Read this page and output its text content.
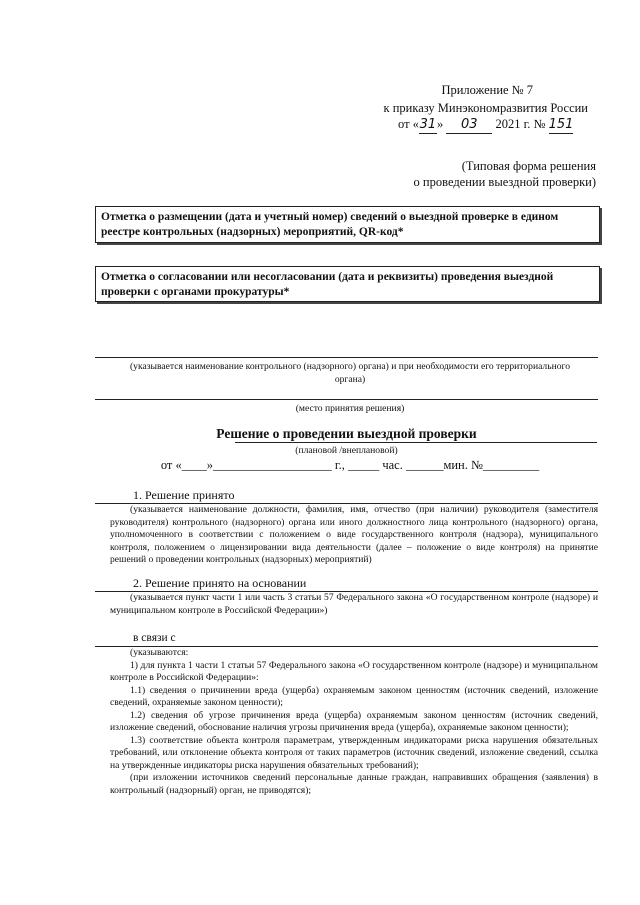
Приложение № 7
к приказу Минэкономразвития России
от «31» 03 2021 г. № 151
(Типовая форма решения
о проведении выездной проверки)
Отметка о размещении (дата и учетный номер) сведений о выездной проверке в едином реестре контрольных (надзорных) мероприятий, QR-код*
Отметка о согласовании или несогласовании (дата и реквизиты) проведения выездной проверки с органами прокуратуры*
(указывается наименование контрольного (надзорного) органа) и при необходимости его территориального органа)
(место принятия решения)
Решение о проведении выездной проверки
(плановой /внеплановой)
от «____»___________________ г., _____ час. ______мин. №_________
1. Решение принято
(указывается наименование должности, фамилия, имя, отчество (при наличии) руководителя (заместителя руководителя) контрольного (надзорного) органа или иного должностного лица контрольного (надзорного) органа, уполномоченного в соответствии с положением о виде государственного контроля (надзора), муниципального контроля, положением о лицензировании вида деятельности (далее – положение о виде контроля) на принятие решений о проведении контрольных (надзорных) мероприятий)
2. Решение принято на основании
(указывается пункт части 1 или часть 3 статьи 57 Федерального закона «О государственном контроле (надзоре) и муниципальном контроле в Российской Федерации»)
в связи с

(указываются:

1) для пункта 1 части 1 статьи 57 Федерального закона «О государственном контроле (надзоре) и муниципальном контроле в Российской Федерации»:

1.1) сведения о причинении вреда (ущерба) охраняемым законом ценностям (источник сведений, изложение сведений, охраняемые законом ценности);

1.2) сведения об угрозе причинения вреда (ущерба) охраняемым законом ценностям (источник сведений, изложение сведений, обоснование наличия угрозы причинения вреда (ущерба), охраняемые законом ценности);

1.3) соответствие объекта контроля параметрам, утвержденным индикаторами риска нарушения обязательных требований, или отклонение объекта контроля от таких параметров (источник сведений, изложение сведений, ссылка на утвержденные индикаторы риска нарушения обязательных требований);

(при изложении источников сведений персональные данные граждан, направивших обращения (заявления) в контрольный (надзорный) орган, не приводятся);
